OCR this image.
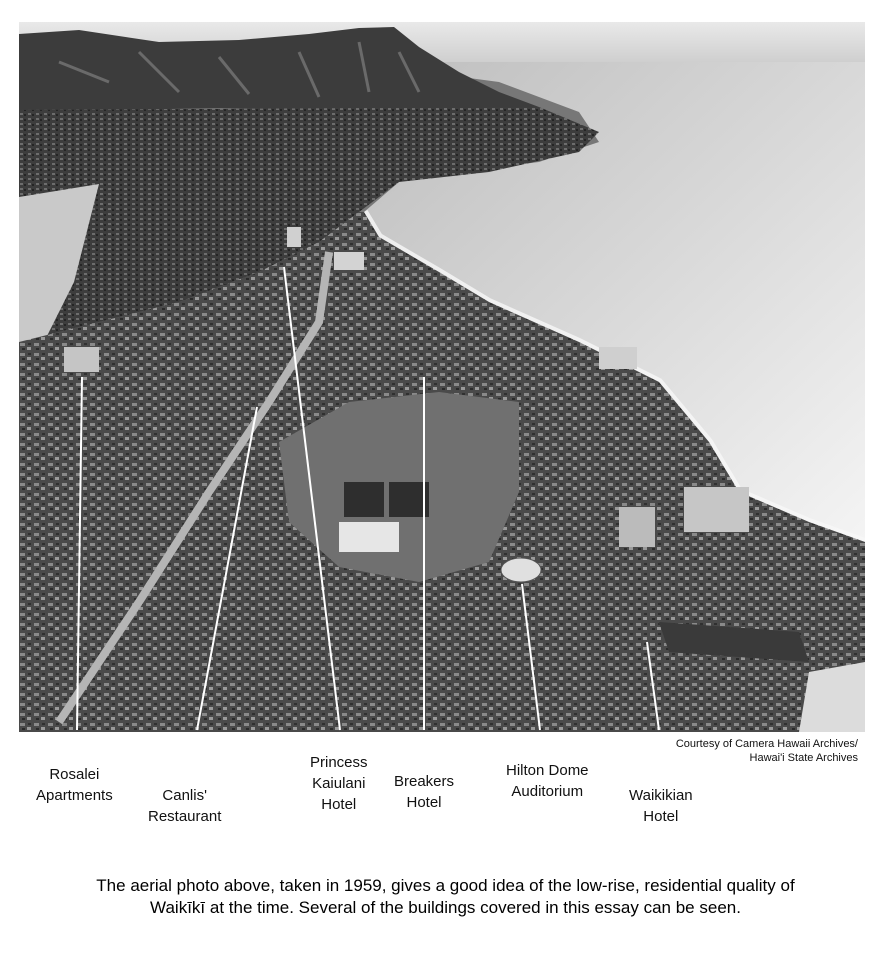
Courtesy of Camera Hawaii Archives/
Hawai'i State Archives
Rosalei
Apartments	Canlis'
Restaurant
Princess
Kaiulani
Hotel
Breakers
Hotel
Hilton Dome
Auditorium	Waikikian
Hotel
The aerial photo above, taken in 1959, gives a good idea of the low-rise, residential quality of
Waikīkī at the time. Several of the buildings covered in this essay can be seen.
